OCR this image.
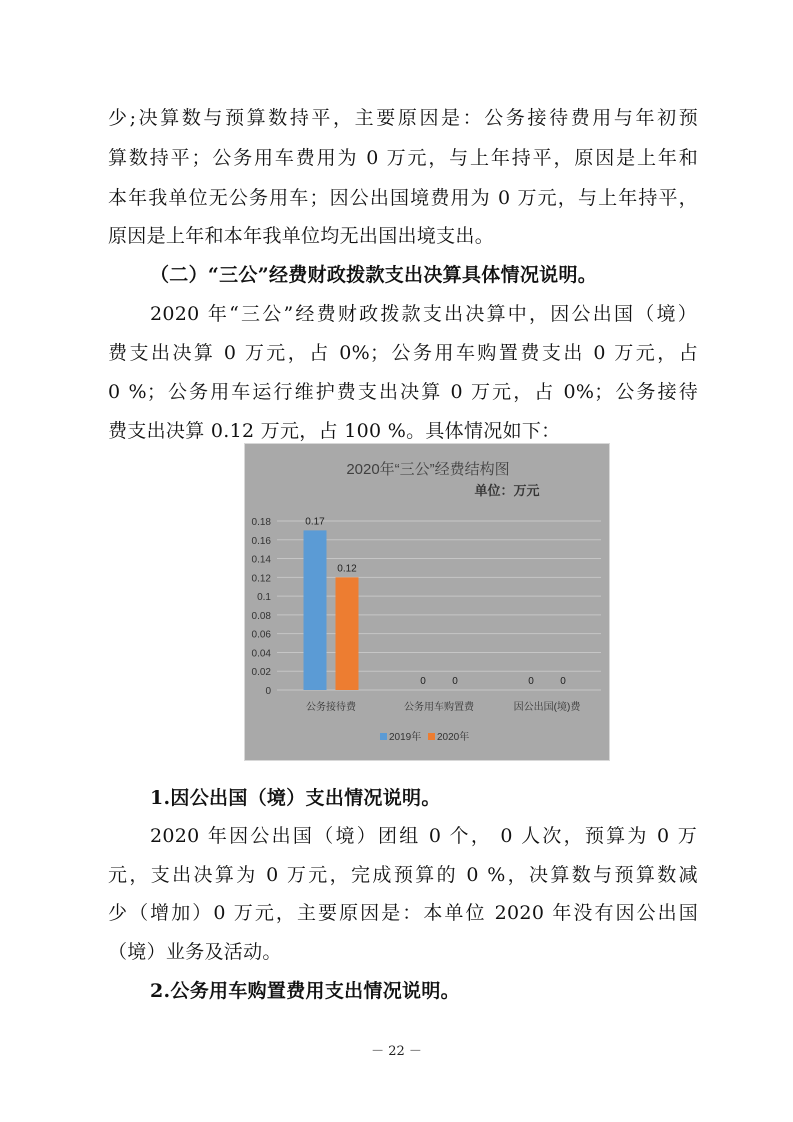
少;决算数与预算数持平，主要原因是：公务接待费用与年初预
算数持平；公务用车费用为 0 万元，与上年持平，原因是上年和
本年我单位无公务用车；因公出国境费用为 0 万元，与上年持平，
原因是上年和本年我单位均无出国出境支出。
（二）“三公”经费财政拨款支出决算具体情况说明。
2020 年“三公”经费财政拨款支出决算中，因公出国（境）
费支出决算 0 万元，占 0%；公务用车购置费支出 0 万元，占
0 %；公务用车运行维护费支出决算 0 万元，占 0%；公务接待
费支出决算 0.12 万元，占 100 %。具体情况如下：
2020年“三公”经费结构图
单位：万元
0
0.02
0.04
0.06
0.08
0.1
0.12
0.14
0.16
0.18	0.17
0.12
公务接待费
0	0
公务用车购置费
0	0
因公出国(境)费
2019年 2020年
1.因公出国（境）支出情况说明。
2020 年因公出国（境）团组 0 个， 0 人次，预算为 0 万
元，支出决算为 0 万元，完成预算的 0 %，决算数与预算数减
少（增加）0 万元，主要原因是：本单位 2020 年没有因公出国
（境）业务及活动。
2.公务用车购置费用支出情况说明。
－ 22 －
